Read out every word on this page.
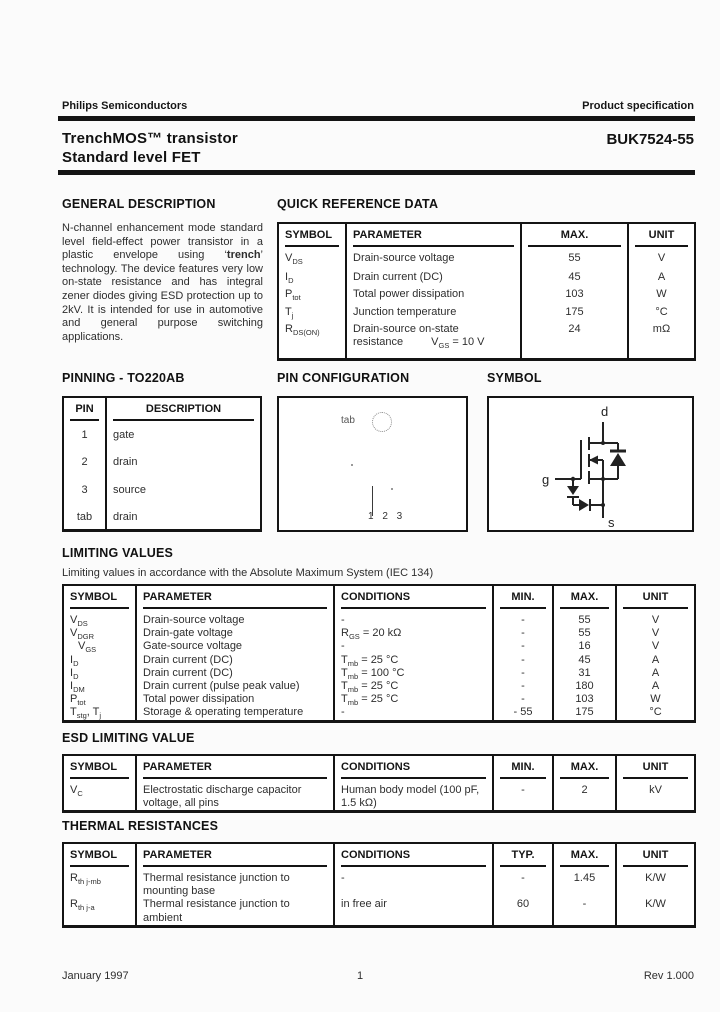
Philips Semiconductors	Product specification
TrenchMOS™ transistor
Standard level FET
BUK7524-55
GENERAL DESCRIPTION
N-channel enhancement mode standard level field-effect power transistor in a plastic envelope using ‘trench’ technology. The device features very low on-state resistance and has integral zener diodes giving ESD protection up to 2kV. It is intended for use in automotive and general purpose switching applications.
QUICK REFERENCE DATA
SYMBOL	PARAMETER	MAX.	UNIT
$V_{DS}$	Drain-source voltage	55	V
$I_D$	Drain current (DC)	45	A
$P_{tot}$	Total power dissipation	103	W
$T_j$	Junction temperature	175	°C
$R_{DS(ON)}$	Drain-source on-state resistance $V_{GS} = 10$ V	24	mΩ
PINNING - TO220AB
PIN	DESCRIPTION
1	gate
2	drain
3	source
tab	drain
PIN CONFIGURATION
tab
1 2 3
SYMBOL
d
g
s
LIMITING VALUES
Limiting values in accordance with the Absolute Maximum System (IEC 134)
SYMBOL	PARAMETER	CONDITIONS	MIN.	MAX.	UNIT
$V_{DS}$	Drain-source voltage	-	-	55	V
$V_{DGR}$	Drain-gate voltage	$R_{GS} = 20$ kΩ	-	55	V
$V_{GS}$	Gate-source voltage	-	-	16	V
$I_D$	Drain current (DC)	$T_{mb} = 25$ °C	-	45	A
$I_D$	Drain current (DC)	$T_{mb} = 100$ °C	-	31	A
$I_{DM}$	Drain current (pulse peak value)	$T_{mb} = 25$ °C	-	180	A
$P_{tot}$	Total power dissipation	$T_{mb} = 25$ °C	-	103	W
$T_{stg}$, $T_j$	Storage & operating temperature	-	- 55	175	°C
ESD LIMITING VALUE
SYMBOL	PARAMETER	CONDITIONS	MIN.	MAX.	UNIT
$V_C$	Electrostatic discharge capacitor voltage, all pins	Human body model (100 pF, 1.5 kΩ)	-	2	kV
THERMAL RESISTANCES
SYMBOL	PARAMETER	CONDITIONS	TYP.	MAX.	UNIT
$R_{th j-mb}$	Thermal resistance junction to mounting base	-	-	1.45	K/W
$R_{th j-a}$	Thermal resistance junction to ambient	in free air	60	-	K/W
January 1997	1	Rev 1.000
